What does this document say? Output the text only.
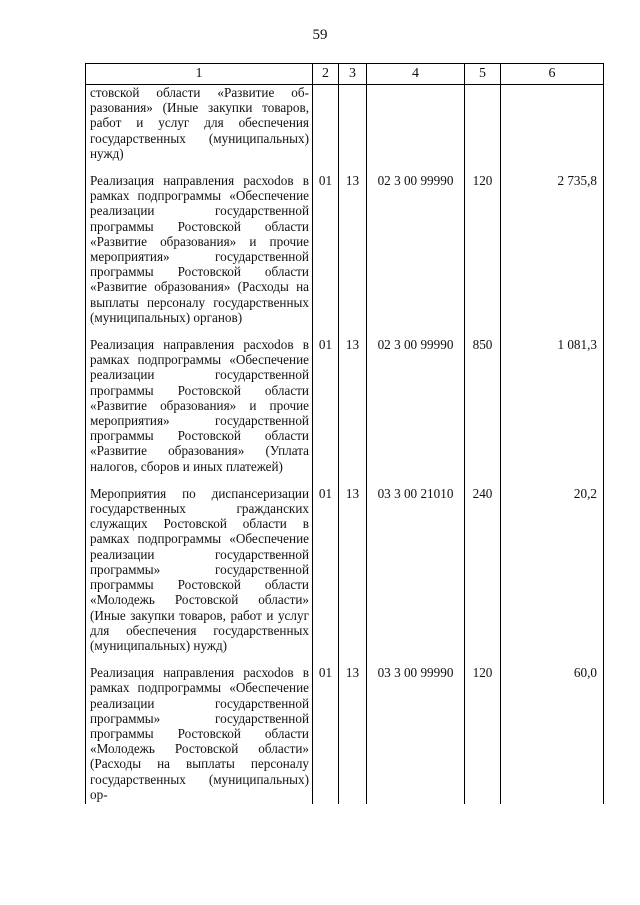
59
1	2	3	4	5	6
стовской области «Развитие образования» (Иные закупки товаров, работ и услуг для обеспечения государственных (муниципальных) нужд)					
Реализация направления расхоdов в рамках подпрограммы «Обеспечение реализации государственной программы Ростовской области «Развитие образования» и прочие мероприятия» государственной программы Ростовской области «Развитие образования» (Расходы на выплаты персоналу государственных (муниципальных) органов)	01	13	02 3 00 99990	120	2 735,8
Реализация направления расхоdов в рамках подпрограммы «Обеспечение реализации государственной программы Ростовской области «Развитие образования» и прочие мероприятия» государственной программы Ростовской области «Развитие образования» (Уплата налогов, сборов и иных платежей)	01	13	02 3 00 99990	850	1 081,3
Мероприятия по диспансеризации государственных гражданских служащих Ростовской области в рамках подпрограммы «Обеспечение реализации государственной программы» государственной программы Ростовской области «Молодежь Ростовской области» (Иные закупки товаров, работ и услуг для обеспечения государственных (муниципальных) нужд)	01	13	03 3 00 21010	240	20,2
Реализация направления расхоdов в рамках подпрограммы «Обеспечение реализации государственной программы» государственной программы Ростовской области «Молодежь Ростовской области» (Расходы на выплаты персоналу государственных (муниципальных) ор-	01	13	03 3 00 99990	120	60,0
